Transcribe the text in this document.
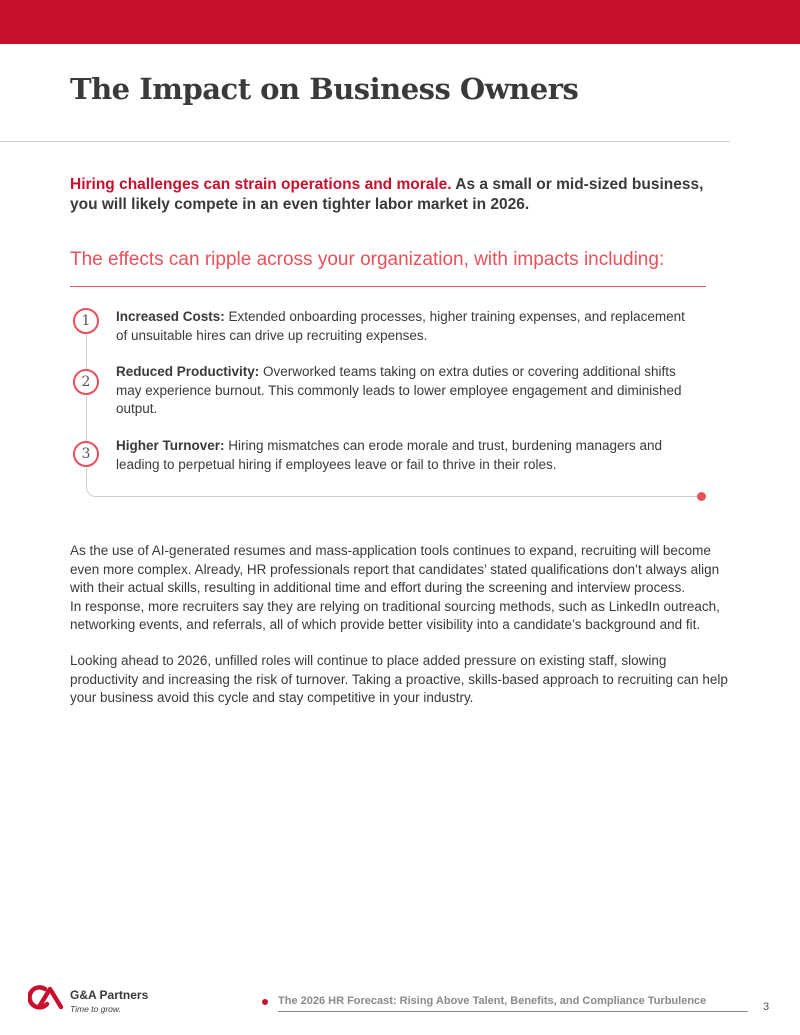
The Impact on Business Owners

Hiring challenges can strain operations and morale. As a small or mid-sized business, you will likely compete in an even tighter labor market in 2026.

The effects can ripple across your organization, with impacts including:
1	Increased Costs: Extended onboarding processes, higher training expenses, and replacement of unsuitable hires can drive up recruiting expenses.

2

Reduced Productivity: Overworked teams taking on extra duties or covering additional shifts may experience burnout. This commonly leads to lower employee engagement and diminished output.

3

Higher Turnover: Hiring mismatches can erode morale and trust, burdening managers and leading to perpetual hiring if employees leave or fail to thrive in their roles.

As the use of AI-generated resumes and mass-application tools continues to expand, recruiting will become even more complex. Already, HR professionals report that candidates’ stated qualifications don’t always align with their actual skills, resulting in additional time and effort during the screening and interview process.
In response, more recruiters say they are relying on traditional sourcing methods, such as LinkedIn outreach, networking events, and referrals, all of which provide better visibility into a candidate’s background and fit.

Looking ahead to 2026, unfilled roles will continue to place added pressure on existing staff, slowing productivity and increasing the risk of turnover. Taking a proactive, skills-based approach to recruiting can help your business avoid this cycle and stay competitive in your industry.

G&A Partners
Time to grow.
The 2026 HR Forecast: Rising Above Talent, Benefits, and Compliance Turbulence	3
